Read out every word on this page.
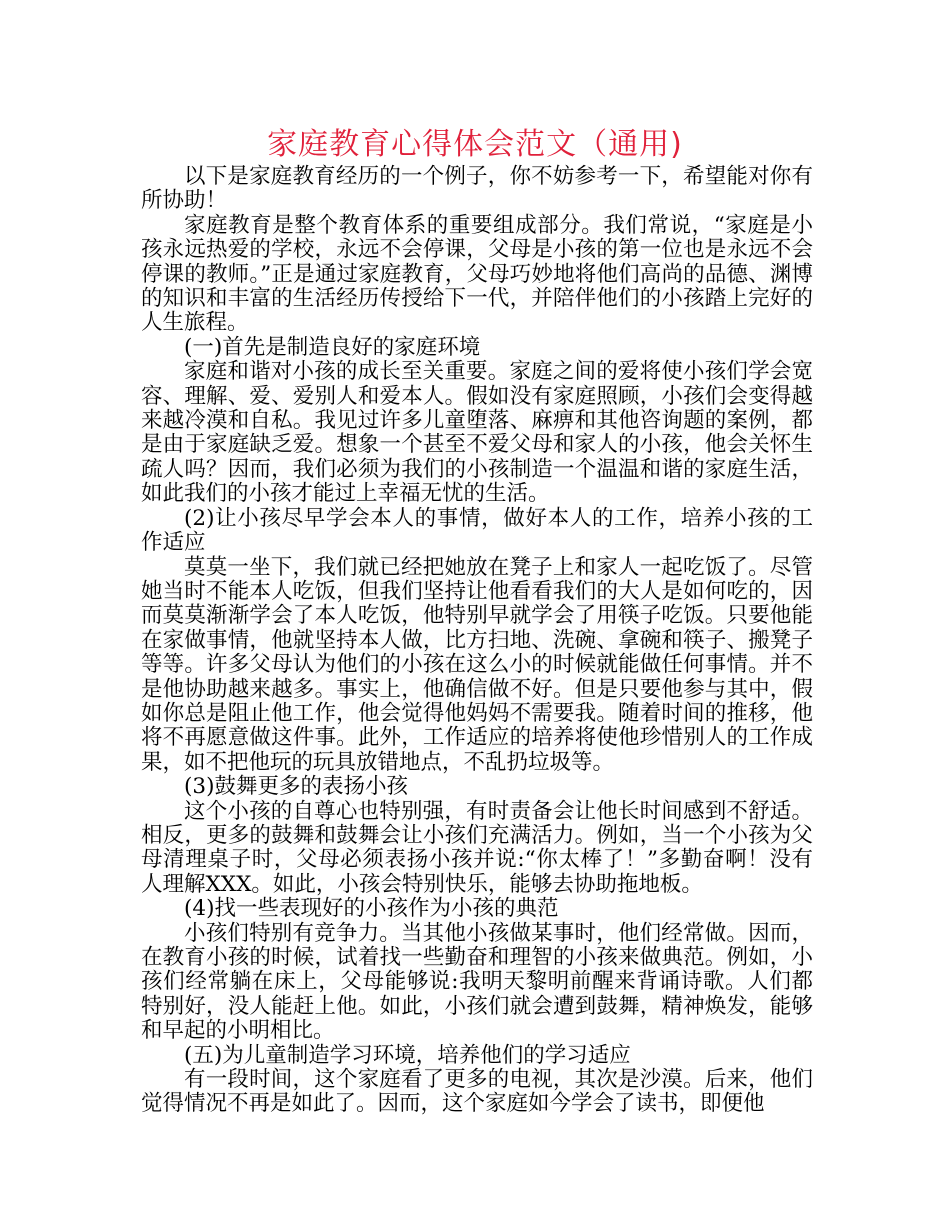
家庭教育心得体会范文（通用)

以下是家庭教育经历的一个例子，你不妨参考一下，希望能对你有所协助！

家庭教育是整个教育体系的重要组成部分。我们常说，“家庭是小孩永远热爱的学校，永远不会停课，父母是小孩的第一位也是永远不会停课的教师。”正是通过家庭教育，父母巧妙地将他们高尚的品德、渊博的知识和丰富的生活经历传授给下一代，并陪伴他们的小孩踏上完好的人生旅程。

(一)首先是制造良好的家庭环境

家庭和谐对小孩的成长至关重要。家庭之间的爱将使小孩们学会宽容、理解、爱、爱别人和爱本人。假如没有家庭照顾，小孩们会变得越来越冷漠和自私。我见过许多儿童堕落、麻痹和其他咨询题的案例，都是由于家庭缺乏爱。想象一个甚至不爱父母和家人的小孩，他会关怀生疏人吗？因而，我们必须为我们的小孩制造一个温温和谐的家庭生活，如此我们的小孩才能过上幸福无忧的生活。

(2)让小孩尽早学会本人的事情，做好本人的工作，培养小孩的工作适应

莫莫一坐下，我们就已经把她放在凳子上和家人一起吃饭了。尽管她当时不能本人吃饭，但我们坚持让他看看我们的大人是如何吃的，因而莫莫渐渐学会了本人吃饭，他特别早就学会了用筷子吃饭。只要他能在家做事情，他就坚持本人做，比方扫地、洗碗、拿碗和筷子、搬凳子等等。许多父母认为他们的小孩在这么小的时候就能做任何事情。并不是他协助越来越多。事实上，他确信做不好。但是只要他参与其中，假如你总是阻止他工作，他会觉得他妈妈不需要我。随着时间的推移，他将不再愿意做这件事。此外，工作适应的培养将使他珍惜别人的工作成果，如不把他玩的玩具放错地点，不乱扔垃圾等。

(3)鼓舞更多的表扬小孩

这个小孩的自尊心也特别强，有时责备会让他长时间感到不舒适。相反，更多的鼓舞和鼓舞会让小孩们充满活力。例如，当一个小孩为父母清理桌子时，父母必须表扬小孩并说:“你太棒了！”多勤奋啊！没有人理解XXX。如此，小孩会特别快乐，能够去协助拖地板。

(4)找一些表现好的小孩作为小孩的典范

小孩们特别有竞争力。当其他小孩做某事时，他们经常做。因而，在教育小孩的时候，试着找一些勤奋和理智的小孩来做典范。例如，小孩们经常躺在床上，父母能够说:我明天黎明前醒来背诵诗歌。人们都特别好，没人能赶上他。如此，小孩们就会遭到鼓舞，精神焕发，能够和早起的小明相比。

(五)为儿童制造学习环境，培养他们的学习适应

有一段时间，这个家庭看了更多的电视，其次是沙漠。后来，他们觉得情况不再是如此了。因而，这个家庭如今学会了读书，即便他
